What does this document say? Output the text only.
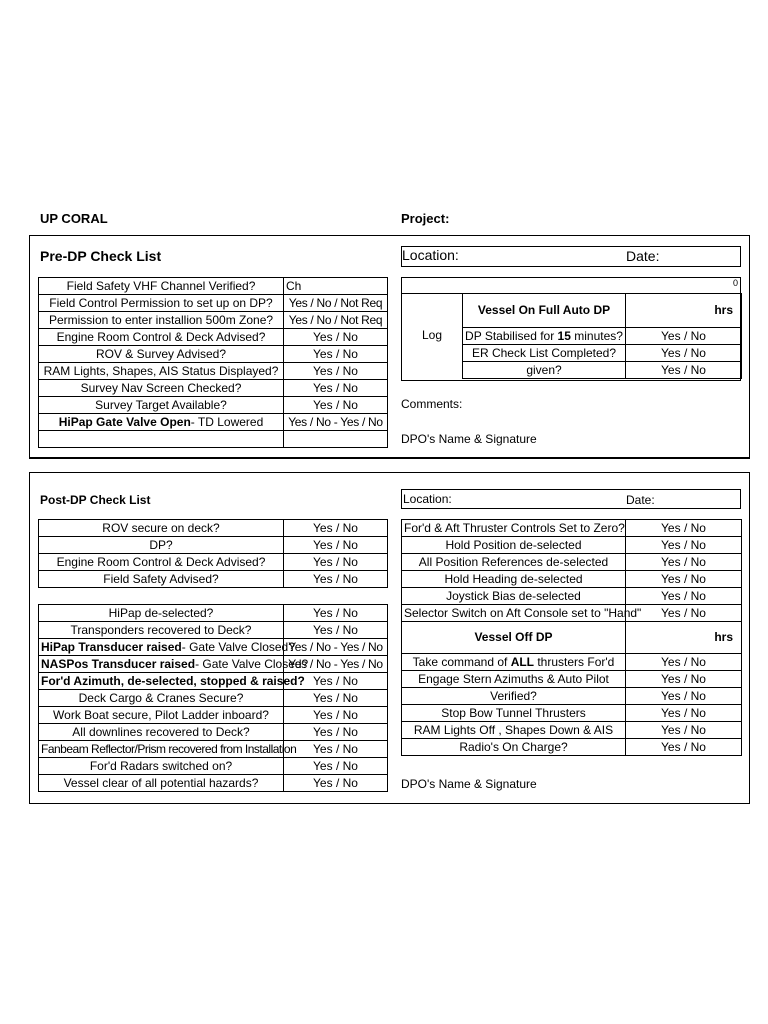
UP CORAL	Project:
Pre-DP Check List	Location:	Date:
Field Safety VHF Channel Verified?	Ch
Field Control Permission to set up on DP?	Yes / No / Not Req
Permission to enter installion 500m Zone?	Yes / No / Not Req
Engine Room Control & Deck Advised?	Yes / No
ROV & Survey Advised?	Yes / No
RAM Lights, Shapes, AIS Status Displayed?	Yes / No
Survey Nav Screen Checked?	Yes / No
Survey Target Available?	Yes / No
HiPap Gate Valve Open- TD Lowered	Yes / No - Yes / No

0
Log
Vessel On Full Auto DP	hrs
DP Stabilised for 15 minutes?	Yes / No
ER Check List Completed?	Yes / No
given?	Yes / No
Comments:
DPO's Name & Signature
Post-DP Check List	Location:	Date:
ROV secure on deck?	Yes / No
DP?	Yes / No
Engine Room Control & Deck Advised?	Yes / No
Field Safety Advised?	Yes / No
HiPap de-selected?	Yes / No
Transponders recovered to Deck?	Yes / No
HiPap Transducer raised- Gate Valve Closed?	Yes / No - Yes / No
NASPos Transducer raised- Gate Valve Closed?	Yes / No - Yes / No
For'd Azimuth, de-selected, stopped & raised?	Yes / No
Deck Cargo & Cranes Secure?	Yes / No
Work Boat secure, Pilot Ladder inboard?	Yes / No
All downlines recovered to Deck?	Yes / No
Fanbeam Reflector/Prism recovered from Installation	Yes / No
For'd Radars switched on?	Yes / No
Vessel clear of all potential hazards?	Yes / No
For'd & Aft Thruster Controls Set to Zero?	Yes / No
Hold Position de-selected	Yes / No
All Position References de-selected	Yes / No
Hold Heading de-selected	Yes / No
Joystick Bias de-selected	Yes / No
Selector Switch on Aft Console set to "Hand"	Yes / No
Vessel Off DP	hrs
Take command of ALL thrusters For'd	Yes / No
Engage Stern Azimuths & Auto Pilot	Yes / No
Verified?	Yes / No
Stop Bow Tunnel Thrusters	Yes / No
RAM Lights Off , Shapes Down & AIS	Yes / No
Radio's On Charge?	Yes / No
DPO's Name & Signature
